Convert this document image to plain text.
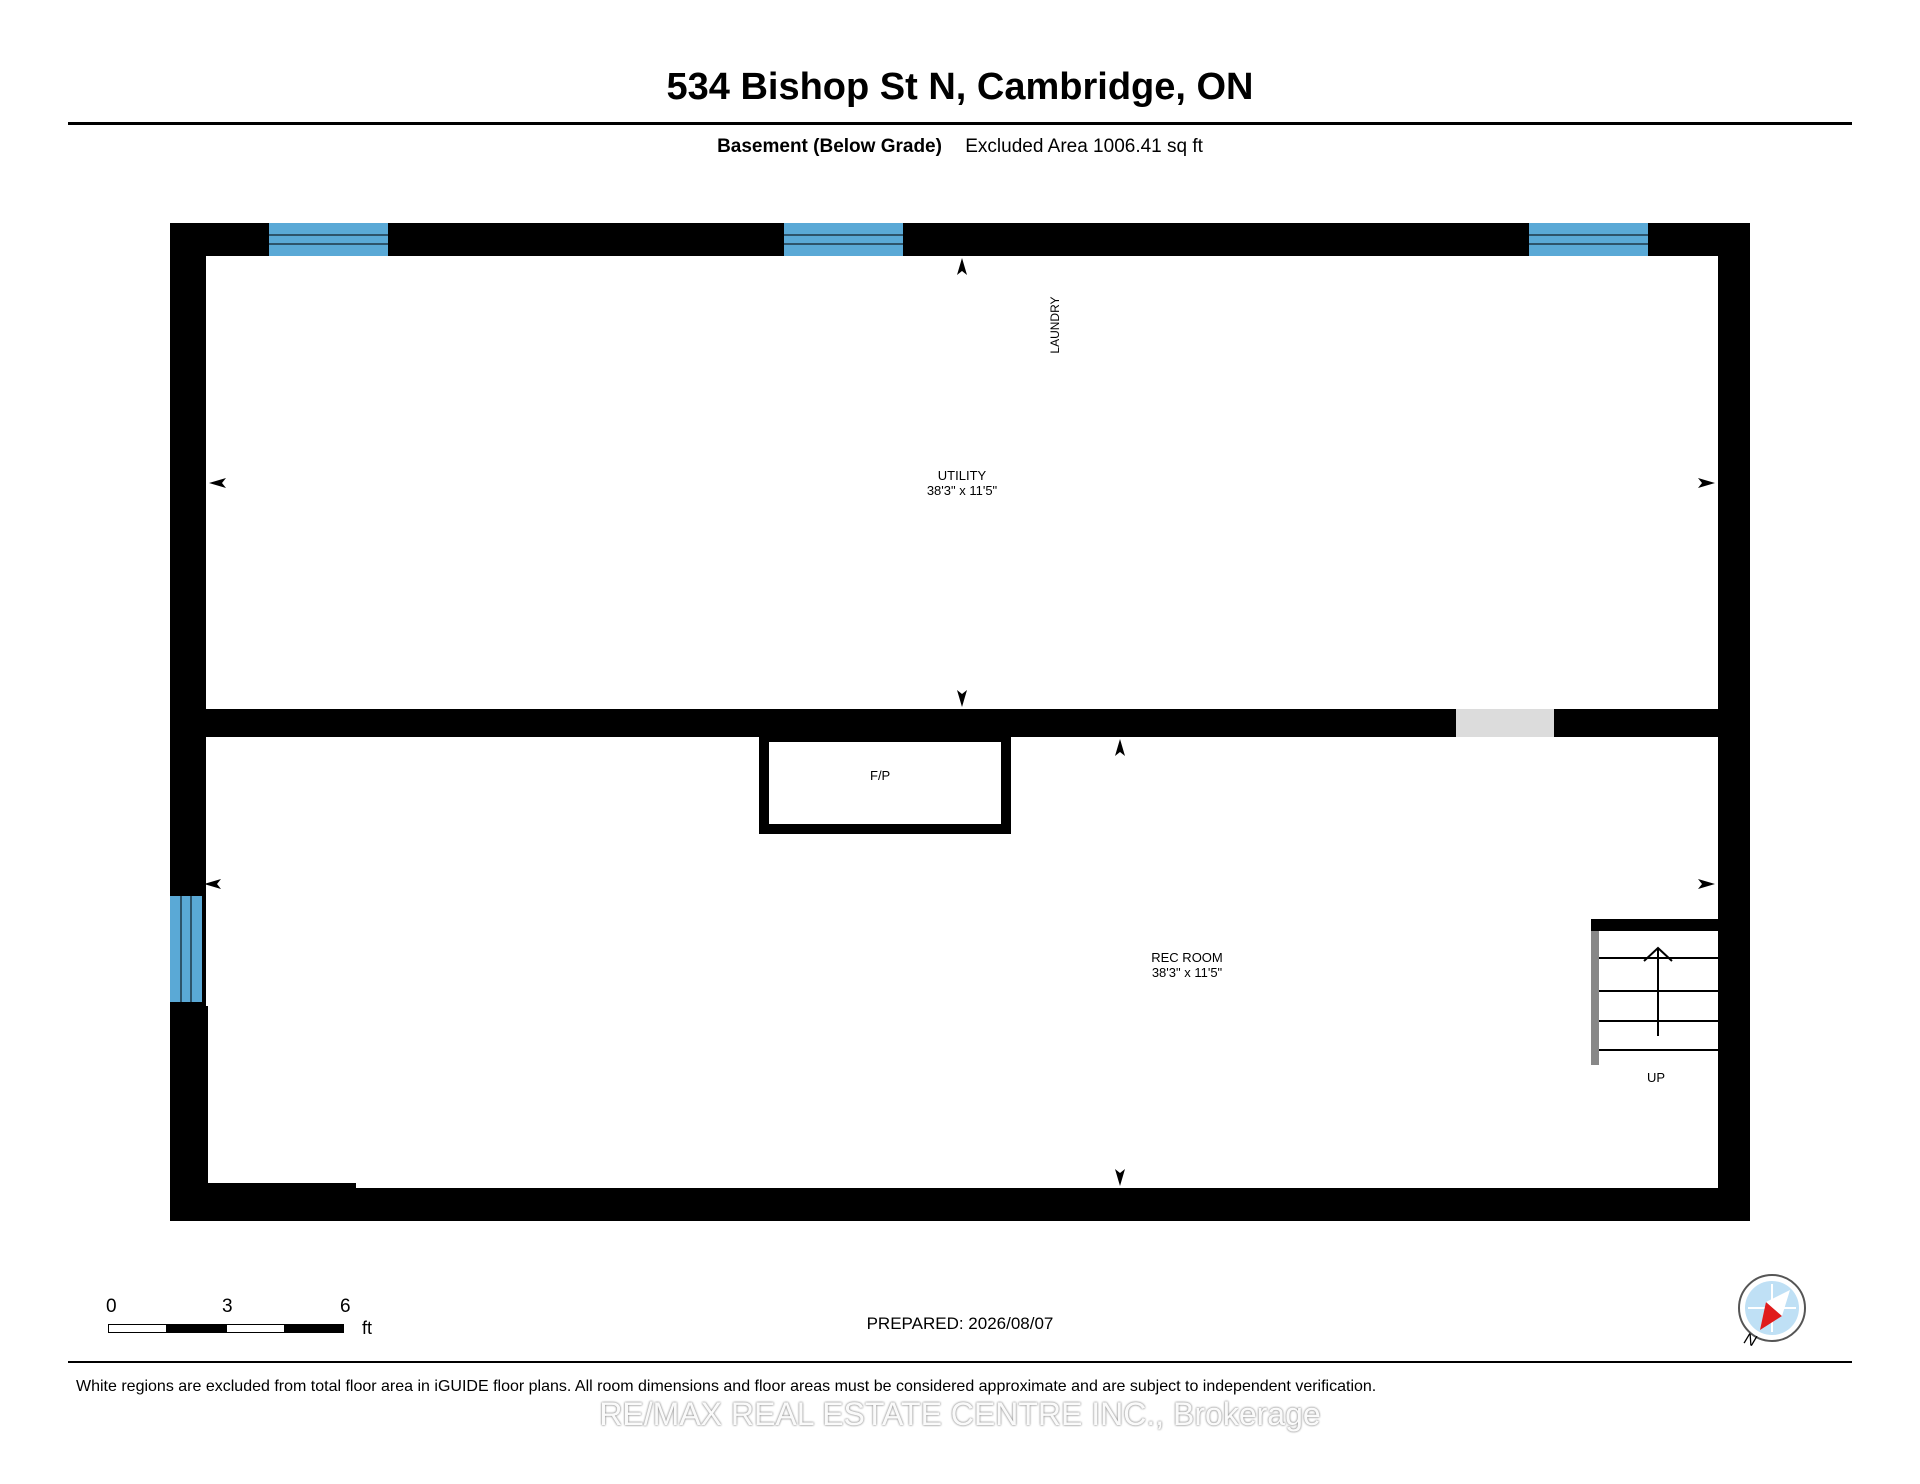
534 Bishop St N, Cambridge, ON
Basement (Below Grade) Excluded Area 1006.41 sq ft
UTILITY
38'3" x 11'5"
REC ROOM
38'3" x 11'5"
LAUNDRY
F/P
UP
0	3	6
ft	PREPARED: 2026/08/07
N
White regions are excluded from total floor area in iGUIDE floor plans. All room dimensions and floor areas must be considered approximate and are subject to independent verification.
RE/MAX REAL ESTATE CENTRE INC., Brokerage
